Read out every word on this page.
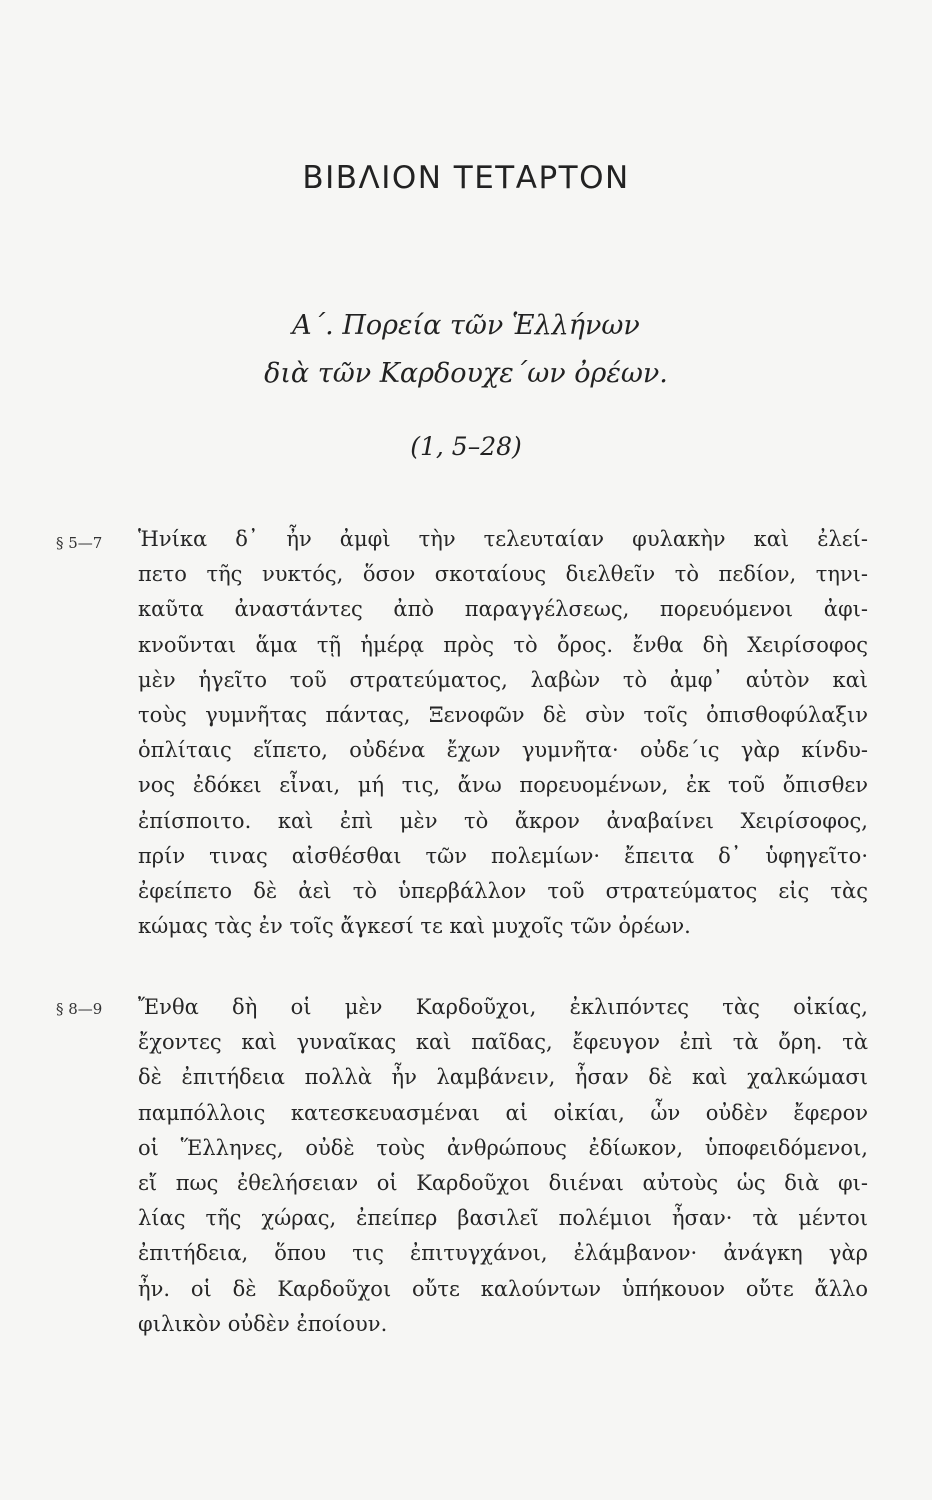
ΒΙΒΛΙΟΝ ΤΕΤΑΡΤΟΝ
Α΄. Πορεία τῶν Ἑλλήνων
διὰ τῶν Καρδουχε΄ων ὀρέων.
(1, 5–28)
§ 5—7 Ἡνίκα δ᾽ ἦν ἀμφὶ τὴν τελευταίαν φυλακὴν καὶ ἐλεί-
πετο τῆς νυκτός, ὅσον σκοταίους διελθεῖν τὸ πεδίον, τηνι-
καῦτα ἀναστάντες ἀπὸ παραγγέλσεως, πορευόμενοι ἀφι-
κνοῦνται ἅμα τῇ ἡμέρᾳ πρὸς τὸ ὄρος. ἔνθα δὴ Χειρίσοφος
μὲν ἡγεῖτο τοῦ στρατεύματος, λαβὼν τὸ ἀμφ᾽ αὑτὸν καὶ
τοὺς γυμνῆτας πάντας, Ξενοφῶν δὲ σὺν τοῖς ὀπισθοφύλαξιν
ὁπλίταις εἵπετο, οὐδένα ἔχων γυμνῆτα· οὐδε΄ις γὰρ κίνδυ-
νος ἐδόκει εἶναι, μή τις, ἄνω πορευομένων, ἐκ τοῦ ὄπισθεν
ἐπίσποιτο. καὶ ἐπὶ μὲν τὸ ἄκρον ἀναβαίνει Χειρίσοφος,
πρίν τινας αἰσθέσθαι τῶν πολεμίων· ἔπειτα δ᾽ ὑφηγεῖτο·
ἐφείπετο δὲ ἀεὶ τὸ ὑπερβάλλον τοῦ στρατεύματος εἰς τὰς
κώμας τὰς ἐν τοῖς ἄγκεσί τε καὶ μυχοῖς τῶν ὀρέων.
§ 8—9 Ἔνθα δὴ οἱ μὲν Καρδοῦχοι, ἐκλιπόντες τὰς οἰκίας,
ἔχοντες καὶ γυναῖκας καὶ παῖδας, ἔφευγον ἐπὶ τὰ ὄρη. τὰ
δὲ ἐπιτήδεια πολλὰ ἦν λαμβάνειν, ἦσαν δὲ καὶ χαλκώμασι
παμπόλλοις κατεσκευασμέναι αἱ οἰκίαι, ὧν οὐδὲν ἔφερον
οἱ Ἕλληνες, οὐδὲ τοὺς ἀνθρώπους ἐδίωκον, ὑποφειδόμενοι,
εἴ πως ἐθελήσειαν οἱ Καρδοῦχοι διιέναι αὐτοὺς ὡς διὰ φι-
λίας τῆς χώρας, ἐπείπερ βασιλεῖ πολέμιοι ἦσαν· τὰ μέντοι
ἐπιτήδεια, ὅπου τις ἐπιτυγχάνοι, ἐλάμβανον· ἀνάγκη γὰρ
ἦν. οἱ δὲ Καρδοῦχοι οὔτε καλούντων ὑπήκουον οὔτε ἄλλο
φιλικὸν οὐδὲν ἐποίουν.
